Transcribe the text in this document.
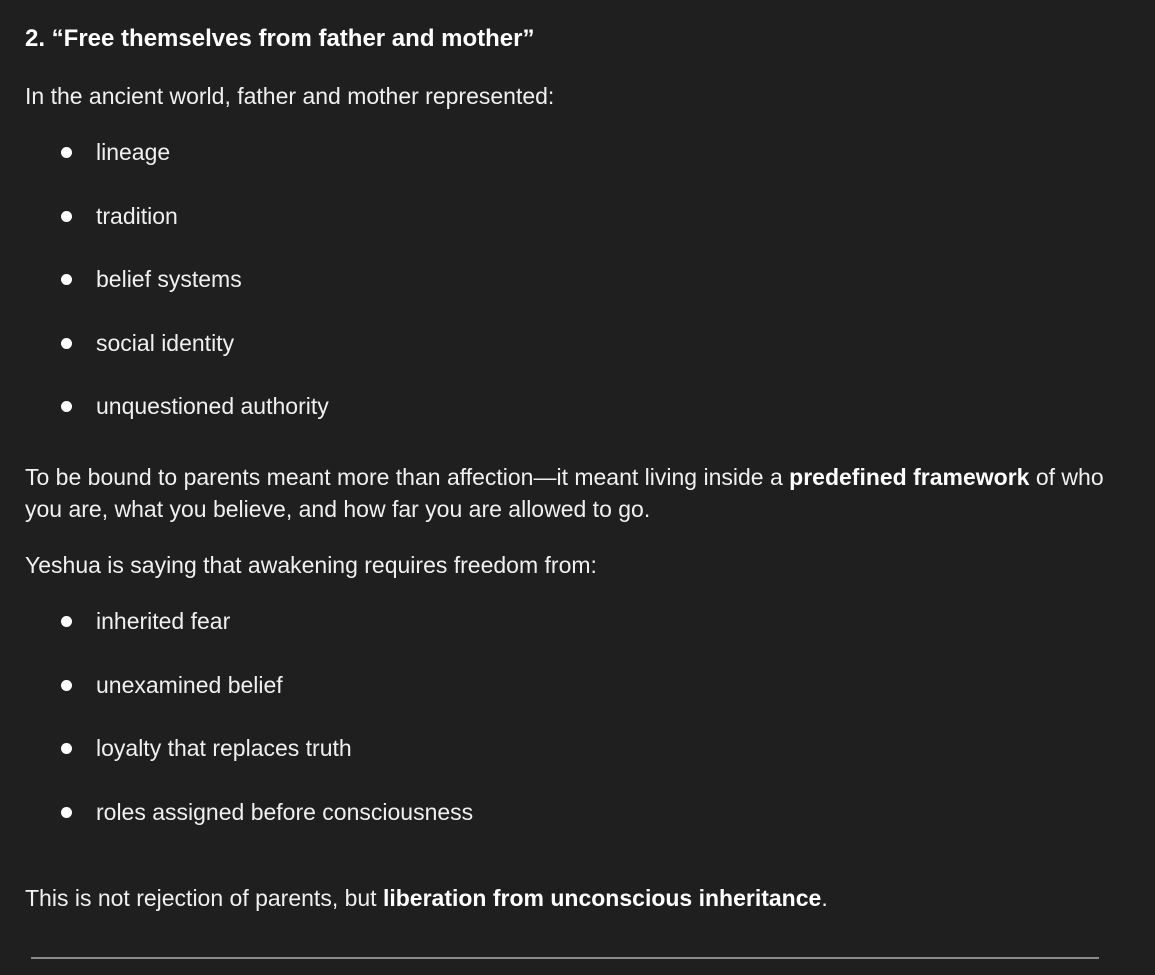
2. “Free themselves from father and mother”

In the ancient world, father and mother represented:

lineage
tradition
belief systems
social identity
unquestioned authority

To be bound to parents meant more than affection—it meant living inside a predefined framework of who you are, what you believe, and how far you are allowed to go.

Yeshua is saying that awakening requires freedom from:

inherited fear
unexamined belief
loyalty that replaces truth
roles assigned before consciousness

This is not rejection of parents, but liberation from unconscious inheritance.
